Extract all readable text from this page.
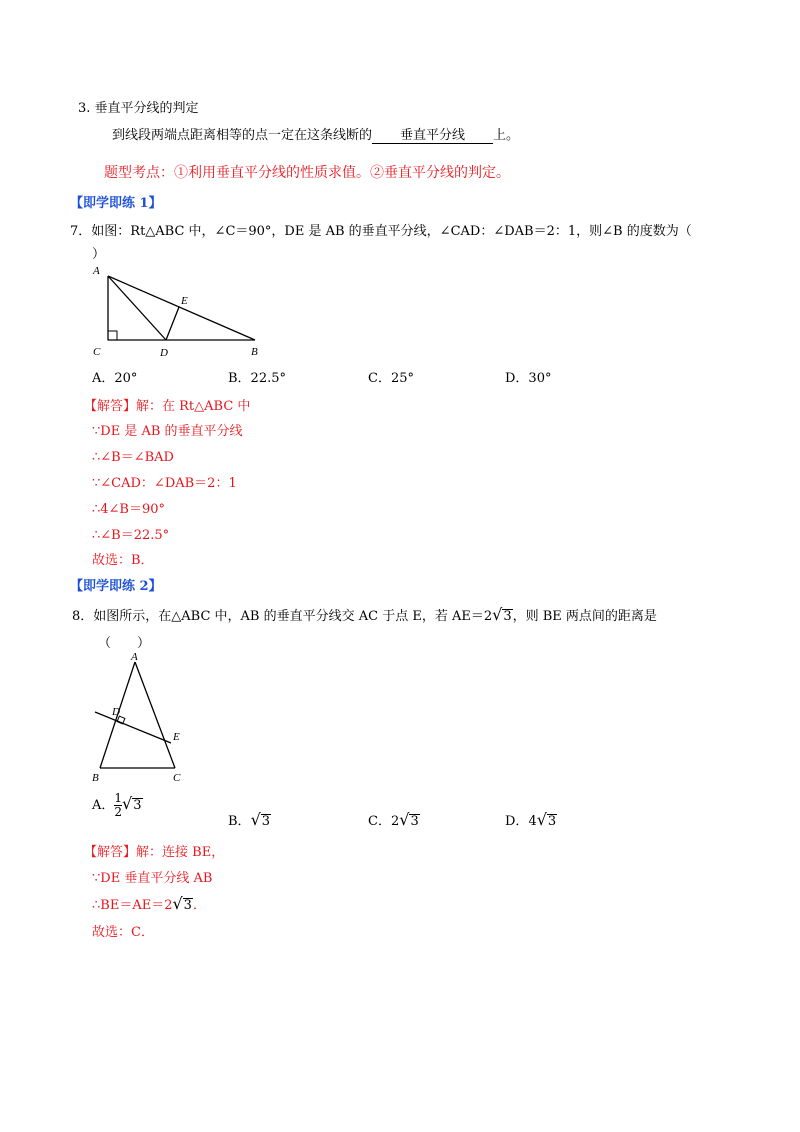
3. 垂直平分线的判定
到线段两端点距离相等的点一定在这条线断的 垂直平分线 上。
题型考点：①利用垂直平分线的性质求值。②垂直平分线的判定。
【即学即练 1】
7．如图：Rt△ABC 中，∠C＝90°，DE 是 AB 的垂直平分线，∠CAD：∠DAB＝2：1，则∠B 的度数为（
）
A
E
C	D	B
A．20°	B．22.5°	C．25°	D．30°
【解答】解：在 Rt△ABC 中
∵DE 是 AB 的垂直平分线
∴∠B＝∠BAD
∵∠CAD：∠DAB＝2：1
∴4∠B＝90°
∴∠B＝22.5°
故选：B．
【即学即练 2】
8．如图所示，在△ABC 中，AB 的垂直平分线交 AC 于点 E，若 AE＝2√3，则 BE 两点间的距离是
（　　）
A
D
E
B	C
A． $\frac{1}{2} √3$
B．√3	C．2√3	D．4√3
【解答】解：连接 BE，
∵DE 垂直平分线 AB
∴BE＝AE＝2√3．
故选：C．
